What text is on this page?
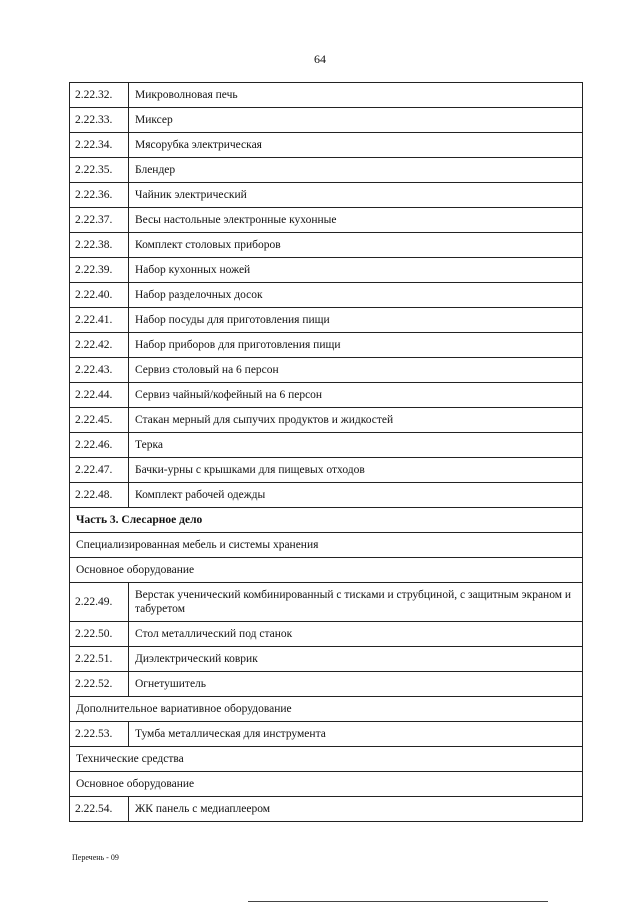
64
2.22.32.	Микроволновая печь
2.22.33.	Миксер
2.22.34.	Мясорубка электрическая
2.22.35.	Блендер
2.22.36.	Чайник электрический
2.22.37.	Весы настольные электронные кухонные
2.22.38.	Комплект столовых приборов
2.22.39.	Набор кухонных ножей
2.22.40.	Набор разделочных досок
2.22.41.	Набор посуды для приготовления пищи
2.22.42.	Набор приборов для приготовления пищи
2.22.43.	Сервиз столовый на 6 персон
2.22.44.	Сервиз чайный/кофейный на 6 персон
2.22.45.	Стакан мерный для сыпучих продуктов и жидкостей
2.22.46.	Терка
2.22.47.	Бачки-урны с крышками для пищевых отходов
2.22.48.	Комплект рабочей одежды
Часть 3. Слесарное дело	
Специализированная мебель и системы хранения	
Основное оборудование	
2.22.49.	Верстак ученический комбинированный с тисками и струбциной, с защитным экраном и табуретом
2.22.50.	Стол металлический под станок
2.22.51.	Диэлектрический коврик
2.22.52.	Огнетушитель
Дополнительное вариативное оборудование	
2.22.53.	Тумба металлическая для инструмента
Технические средства	
Основное оборудование	
2.22.54.	ЖК панель с медиаплеером
Перечень - 09
